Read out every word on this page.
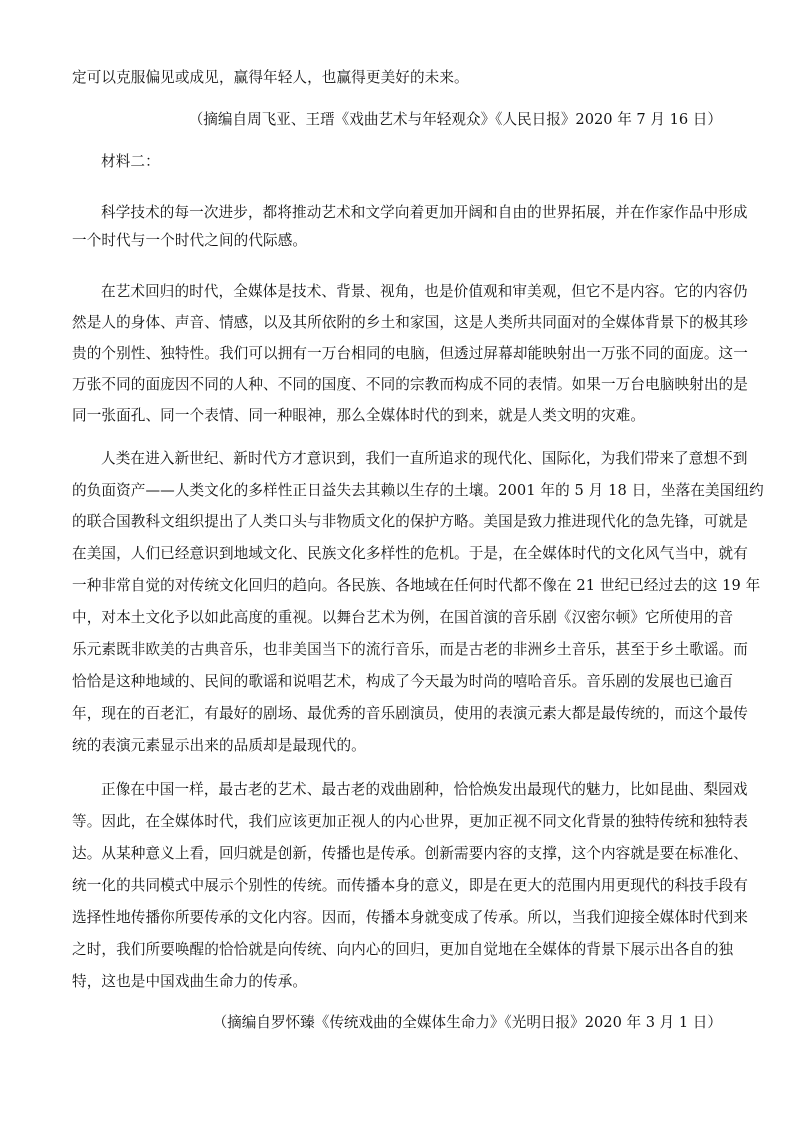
定可以克服偏见或成见，赢得年轻人，也赢得更美好的未来。
（摘编自周飞亚、王瑨《戏曲艺术与年轻观众》《人民日报》2020 年 7 月 16 日）
材料二：
科学技术的每一次进步，都将推动艺术和文学向着更加开阔和自由的世界拓展，并在作家作品中形成
一个时代与一个时代之间的代际感。
在艺术回归的时代，全媒体是技术、背景、视角，也是价值观和审美观，但它不是内容。它的内容仍
然是人的身体、声音、情感，以及其所依附的乡土和家国，这是人类所共同面对的全媒体背景下的极其珍
贵的个别性、独特性。我们可以拥有一万台相同的电脑，但透过屏幕却能映射出一万张不同的面庞。这一
万张不同的面庞因不同的人种、不同的国度、不同的宗教而构成不同的表情。如果一万台电脑映射出的是
同一张面孔、同一个表情、同一种眼神，那么全媒体时代的到来，就是人类文明的灾难。
人类在进入新世纪、新时代方才意识到，我们一直所追求的现代化、国际化，为我们带来了意想不到
的负面资产——人类文化的多样性正日益失去其赖以生存的土壤。2001 年的 5 月 18 日，坐落在美国纽约
的联合国教科文组织提出了人类口头与非物质文化的保护方略。美国是致力推进现代化的急先锋，可就是
在美国，人们已经意识到地域文化、民族文化多样性的危机。于是，在全媒体时代的文化风气当中，就有
一种非常自觉的对传统文化回归的趋向。各民族、各地域在任何时代都不像在 21 世纪已经过去的这 19 年
中，对本土文化予以如此高度的重视。以舞台艺术为例，在国首演的音乐剧《汉密尔顿》它所使用的音
乐元素既非欧美的古典音乐，也非美国当下的流行音乐，而是古老的非洲乡土音乐，甚至于乡土歌谣。而
恰恰是这种地域的、民间的歌谣和说唱艺术，构成了今天最为时尚的嘻哈音乐。音乐剧的发展也已逾百
年，现在的百老汇，有最好的剧场、最优秀的音乐剧演员，使用的表演元素大都是最传统的，而这个最传
统的表演元素显示出来的品质却是最现代的。
正像在中国一样，最古老的艺术、最古老的戏曲剧种，恰恰焕发出最现代的魅力，比如昆曲、梨园戏
等。因此，在全媒体时代，我们应该更加正视人的内心世界，更加正视不同文化背景的独特传统和独特表
达。从某种意义上看，回归就是创新，传播也是传承。创新需要内容的支撑，这个内容就是要在标准化、
统一化的共同模式中展示个别性的传统。而传播本身的意义，即是在更大的范围内用更现代的科技手段有
选择性地传播你所要传承的文化内容。因而，传播本身就变成了传承。所以，当我们迎接全媒体时代到来
之时，我们所要唤醒的恰恰就是向传统、向内心的回归，更加自觉地在全媒体的背景下展示出各自的独
特，这也是中国戏曲生命力的传承。
（摘编自罗怀臻《传统戏曲的全媒体生命力》《光明日报》2020 年 3 月 1 日）
